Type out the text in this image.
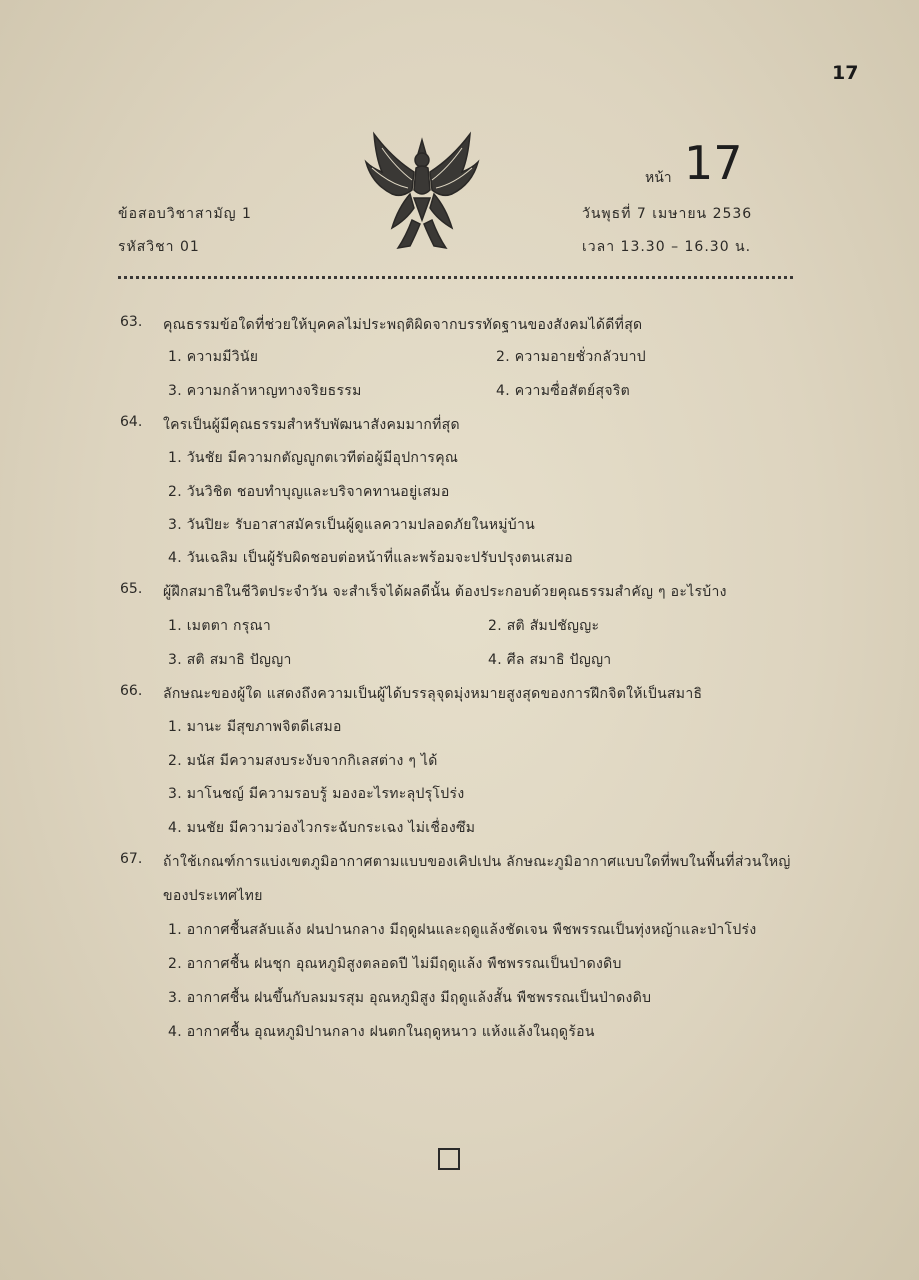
17
ข้อสอบวิชาสามัญ 1
รหัสวิชา 01
หน้า 17
วันพุธที่ 7 เมษายน 2536
เวลา 13.30 – 16.30 น.
63. คุณธรรมข้อใดที่ช่วยให้บุคคลไม่ประพฤติผิดจากบรรทัดฐานของสังคมได้ดีที่สุด
1. ความมีวินัย	2. ความอายชั่วกลัวบาป
3. ความกล้าหาญทางจริยธรรม	4. ความซื่อสัตย์สุจริต
64. ใครเป็นผู้มีคุณธรรมสำหรับพัฒนาสังคมมากที่สุด
1. วันชัย มีความกตัญญูกตเวทีต่อผู้มีอุปการคุณ
2. วันวิชิต ชอบทำบุญและบริจาคทานอยู่เสมอ
3. วันปิยะ รับอาสาสมัครเป็นผู้ดูแลความปลอดภัยในหมู่บ้าน
4. วันเฉลิม เป็นผู้รับผิดชอบต่อหน้าที่และพร้อมจะปรับปรุงตนเสมอ
65. ผู้ฝึกสมาธิในชีวิตประจำวัน จะสำเร็จได้ผลดีนั้น ต้องประกอบด้วยคุณธรรมสำคัญ ๆ อะไรบ้าง
1. เมตตา กรุณา	2. สติ สัมปชัญญะ
3. สติ สมาธิ ปัญญา	4. ศีล สมาธิ ปัญญา
66. ลักษณะของผู้ใด แสดงถึงความเป็นผู้ได้บรรลุจุดมุ่งหมายสูงสุดของการฝึกจิตให้เป็นสมาธิ
1. มานะ มีสุขภาพจิตดีเสมอ
2. มนัส มีความสงบระงับจากกิเลสต่าง ๆ ได้
3. มาโนชญ์ มีความรอบรู้ มองอะไรทะลุปรุโปร่ง
4. มนชัย มีความว่องไวกระฉับกระเฉง ไม่เชื่องซึม
67. ถ้าใช้เกณฑ์การแบ่งเขตภูมิอากาศตามแบบของเคิปเปน ลักษณะภูมิอากาศแบบใดที่พบในพื้นที่ส่วนใหญ่
ของประเทศไทย
1. อากาศชื้นสลับแล้ง ฝนปานกลาง มีฤดูฝนและฤดูแล้งชัดเจน พืชพรรณเป็นทุ่งหญ้าและป่าโปร่ง
2. อากาศชื้น ฝนชุก อุณหภูมิสูงตลอดปี ไม่มีฤดูแล้ง พืชพรรณเป็นป่าดงดิบ
3. อากาศชื้น ฝนขึ้นกับลมมรสุม อุณหภูมิสูง มีฤดูแล้งสั้น พืชพรรณเป็นป่าดงดิบ
4. อากาศชื้น อุณหภูมิปานกลาง ฝนตกในฤดูหนาว แห้งแล้งในฤดูร้อน
